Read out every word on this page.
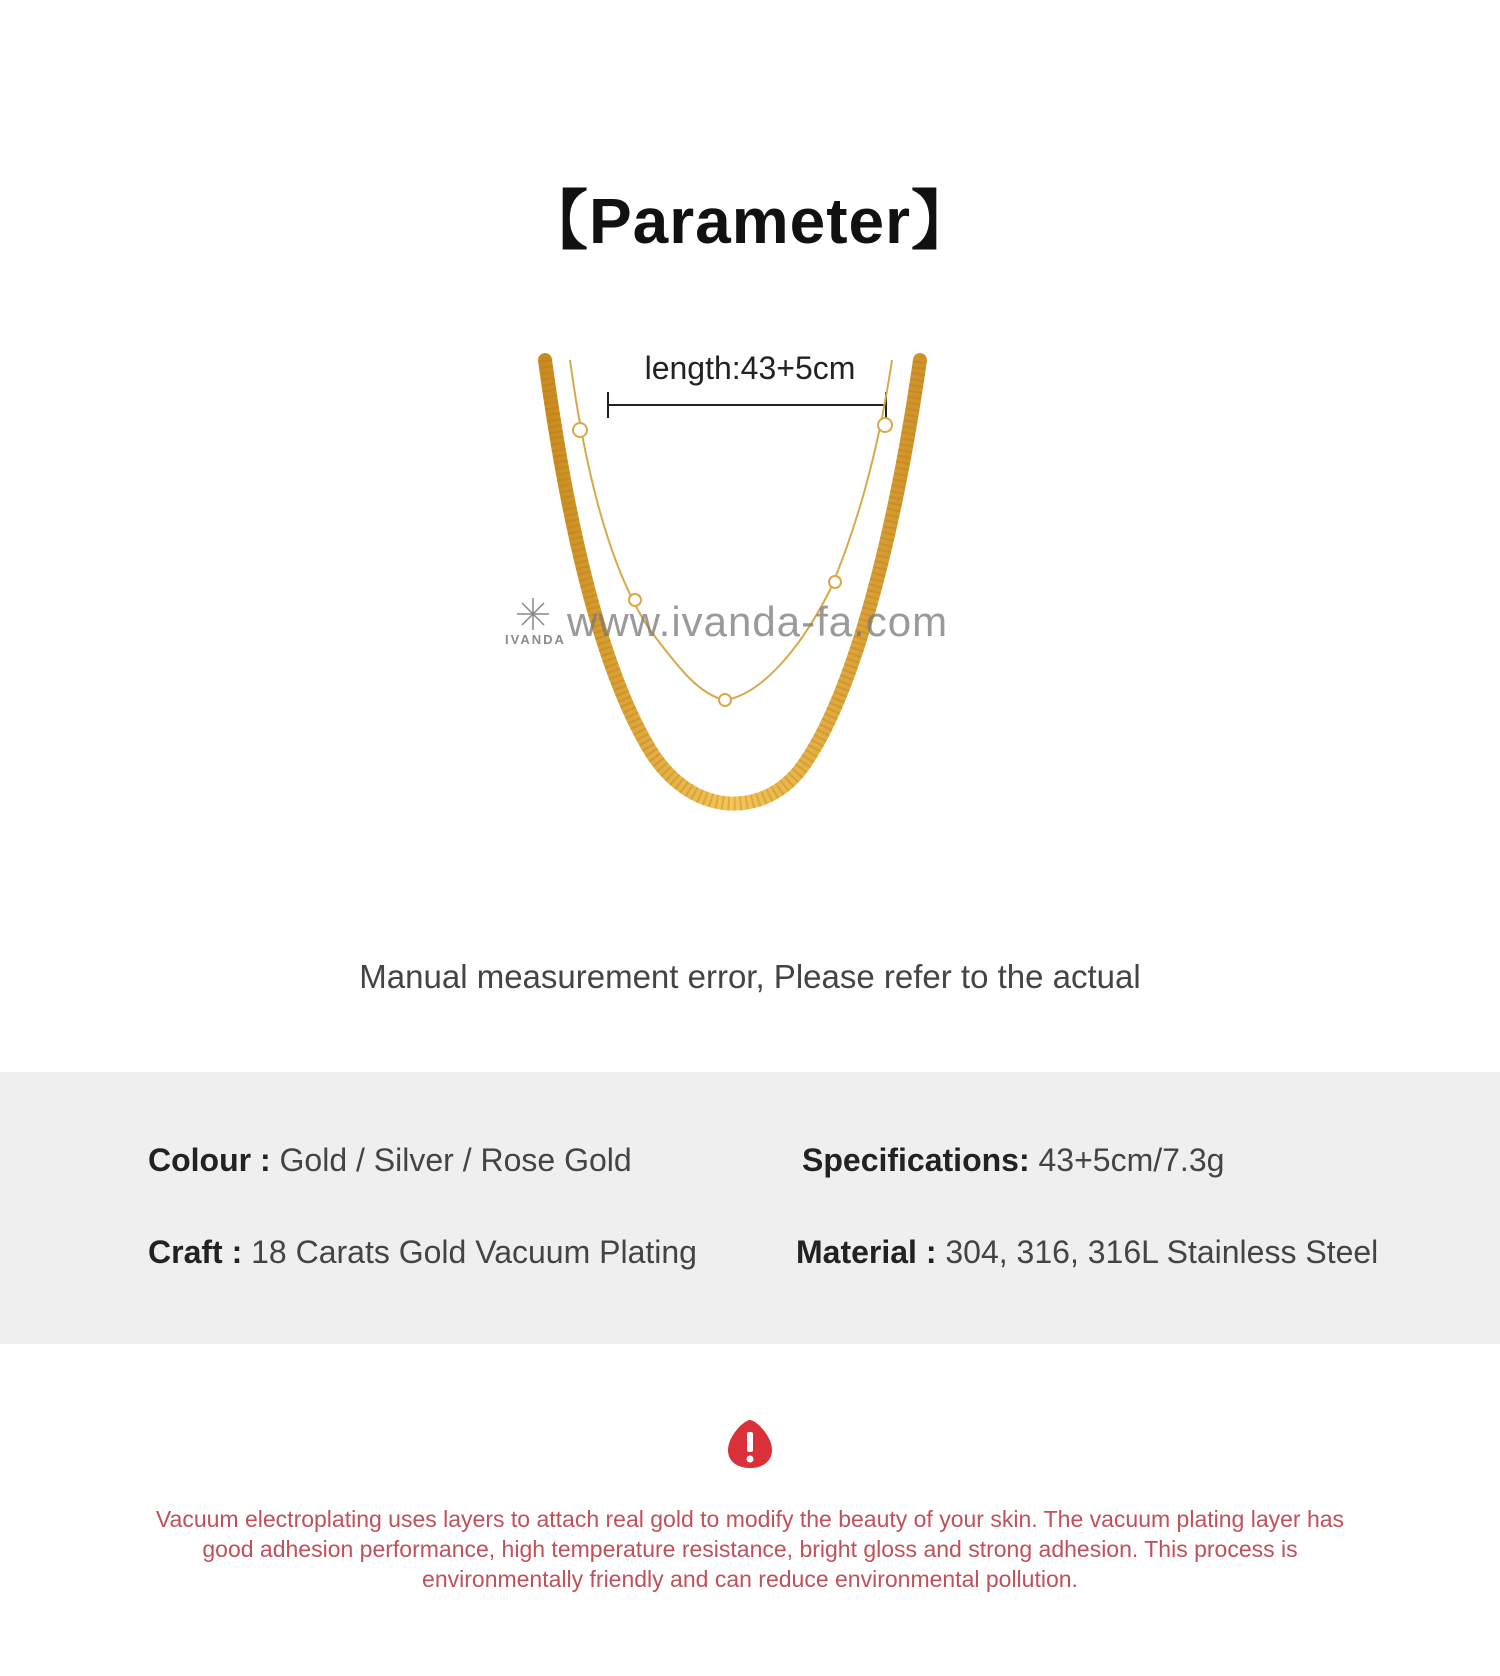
【Parameter】
length:43+5cm
www.ivanda-fa.com
IVANDA
Manual measurement error, Please refer to the actual
Colour : Gold / Silver / Rose Gold	Specifications: 43+5cm/7.3g
Craft : 18 Carats Gold Vacuum Plating	Material : 304, 316, 316L Stainless Steel
Vacuum electroplating uses layers to attach real gold to modify the beauty of your skin. The vacuum plating layer has good adhesion performance, high temperature resistance, bright gloss and strong adhesion. This process is environmentally friendly and can reduce environmental pollution.
